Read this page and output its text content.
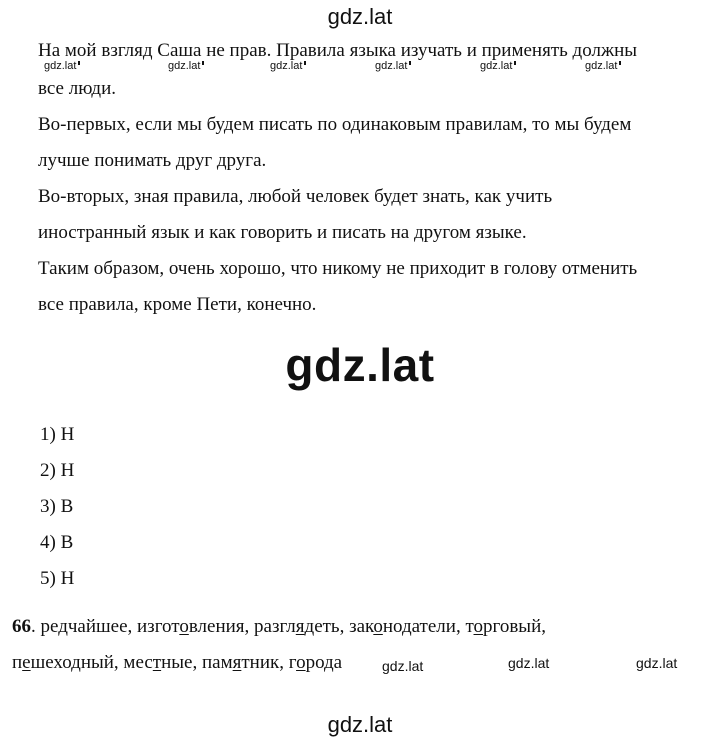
gdz.lat
На мой взгляд Саша не прав. Правила языка изучать и применять должны
gdz.lat	gdz.lat	gdz.lat	gdz.lat	gdz.lat	gdz.lat
все люди.
Во-первых, если мы будем писать по одинаковым правилам, то мы будем
лучше понимать друг друга.
Во-вторых, зная правила, любой человек будет знать, как учить
иностранный язык и как говорить и писать на другом языке.
Таким образом, очень хорошо, что никому не приходит в голову отменить
все правила, кроме Пети, конечно.
gdz.lat
1) Н
2) Н
3) В
4) В
5) Н
66. редчайшее, изготовления, разглядеть, законодатели, торговый,
пешеходный, местные, памятник, города	gdz.lat	gdz.lat	gdz.lat
gdz.lat
